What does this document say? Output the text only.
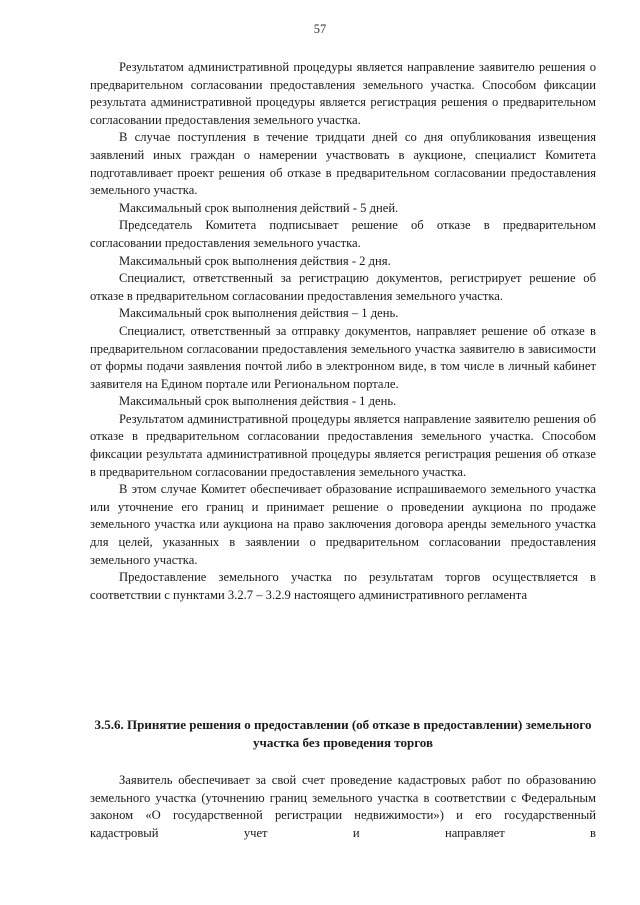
57

Результатом административной процедуры является направление заявителю решения о предварительном согласовании предоставления земельного участка. Способом фиксации результата административной процедуры является регистрация решения о предварительном согласовании предоставления земельного участка.

В случае поступления в течение тридцати дней со дня опубликования извещения заявлений иных граждан о намерении участвовать в аукционе, специалист Комитета подготавливает проект решения об отказе в предварительном согласовании предоставления земельного участка.

Максимальный срок выполнения действий - 5 дней.

Председатель Комитета подписывает решение об отказе в предварительном согласовании предоставления земельного участка.

Максимальный срок выполнения действия - 2 дня.

Специалист, ответственный за регистрацию документов, регистрирует решение об отказе в предварительном согласовании предоставления земельного участка.

Максимальный срок выполнения действия – 1 день.

Специалист, ответственный за отправку документов, направляет решение об отказе в предварительном согласовании предоставления земельного участка заявителю в зависимости от формы подачи заявления почтой либо в электронном виде, в том числе в личный кабинет заявителя на Едином портале или Региональном портале.

Максимальный срок выполнения действия - 1 день.

Результатом административной процедуры является направление заявителю решения об отказе в предварительном согласовании предоставления земельного участка. Способом фиксации результата административной процедуры является регистрация решения об отказе в предварительном согласовании предоставления земельного участка.

В этом случае Комитет обеспечивает образование испрашиваемого земельного участка или уточнение его границ и принимает решение о проведении аукциона по продаже земельного участка или аукциона на право заключения договора аренды земельного участка для целей, указанных в заявлении о предварительном согласовании предоставления земельного участка.

Предоставление земельного участка по результатам торгов осуществляется в соответствии с пунктами 3.2.7 – 3.2.9 настоящего административного регламента

3.5.6. Принятие решения о предоставлении (об отказе в предоставлении) земельного участка без проведения торгов

Заявитель обеспечивает за свой счет проведение кадастровых работ по образованию земельного участка (уточнению границ земельного участка в соответствии с Федеральным законом «О государственной регистрации недвижимости») и его государственный кадастровый учет и направляет в
